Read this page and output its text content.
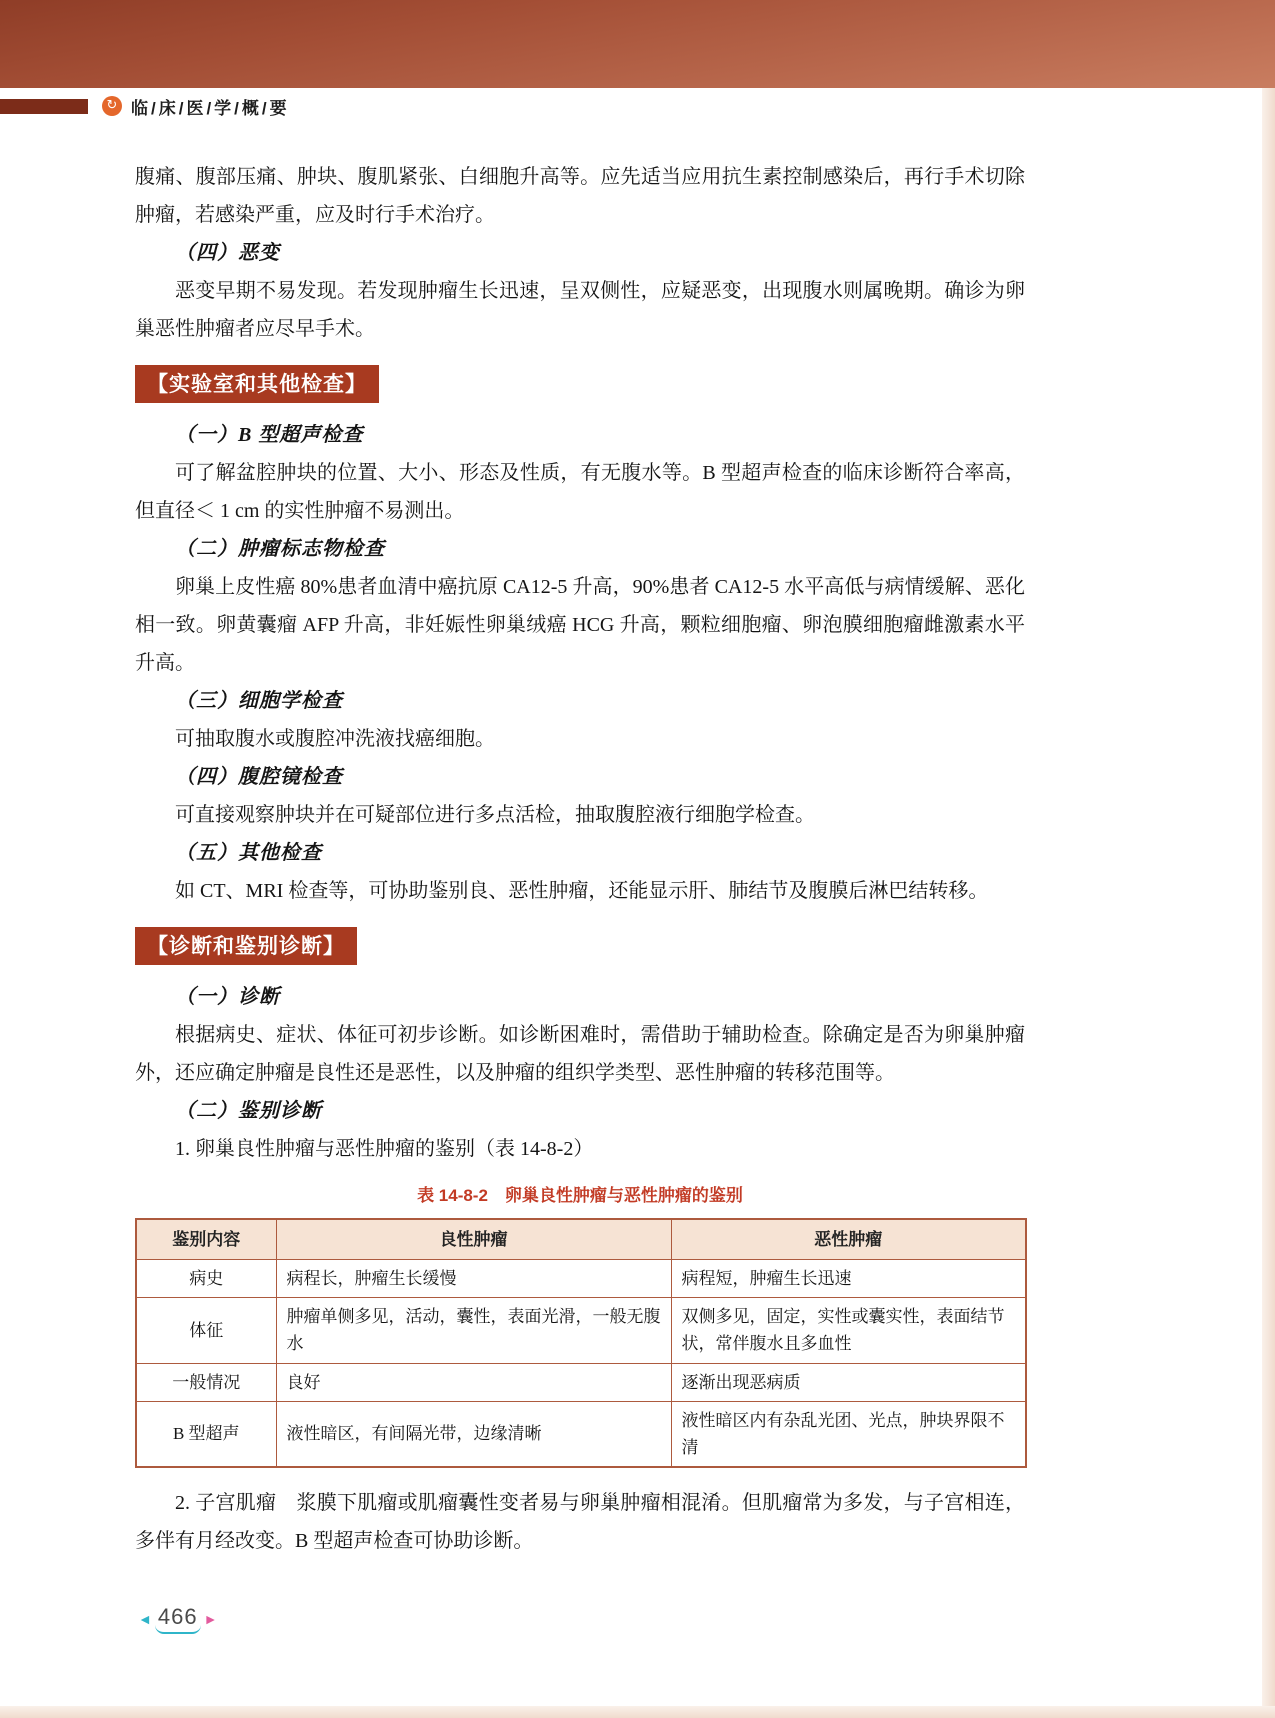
↻ 临/床/医/学/概/要

腹痛、腹部压痛、肿块、腹肌紧张、白细胞升高等。应先适当应用抗生素控制感染后，再行手术切除肿瘤，若感染严重，应及时行手术治疗。

（四）恶变

恶变早期不易发现。若发现肿瘤生长迅速，呈双侧性，应疑恶变，出现腹水则属晚期。确诊为卵巢恶性肿瘤者应尽早手术。

【实验室和其他检查】
（一）B 型超声检查

可了解盆腔肿块的位置、大小、形态及性质，有无腹水等。B 型超声检查的临床诊断符合率高，但直径＜ 1 cm 的实性肿瘤不易测出。

（二）肿瘤标志物检查

卵巢上皮性癌 80%患者血清中癌抗原 CA12-5 升高，90%患者 CA12-5 水平高低与病情缓解、恶化相一致。卵黄囊瘤 AFP 升高，非妊娠性卵巢绒癌 HCG 升高，颗粒细胞瘤、卵泡膜细胞瘤雌激素水平升高。

（三）细胞学检查

可抽取腹水或腹腔冲洗液找癌细胞。

（四）腹腔镜检查

可直接观察肿块并在可疑部位进行多点活检，抽取腹腔液行细胞学检查。

（五）其他检查

如 CT、MRI 检查等，可协助鉴别良、恶性肿瘤，还能显示肝、肺结节及腹膜后淋巴结转移。

【诊断和鉴别诊断】
（一）诊断

根据病史、症状、体征可初步诊断。如诊断困难时，需借助于辅助检查。除确定是否为卵巢肿瘤外，还应确定肿瘤是良性还是恶性，以及肿瘤的组织学类型、恶性肿瘤的转移范围等。

（二）鉴别诊断

1. 卵巢良性肿瘤与恶性肿瘤的鉴别（表 14-8-2）

表 14-8-2　卵巢良性肿瘤与恶性肿瘤的鉴别
鉴别内容	良性肿瘤	恶性肿瘤
病史	病程长，肿瘤生长缓慢	病程短，肿瘤生长迅速
体征	肿瘤单侧多见，活动，囊性，表面光滑，一般无腹水	双侧多见，固定，实性或囊实性，表面结节状，常伴腹水且多血性
一般情况	良好	逐渐出现恶病质
B 型超声	液性暗区，有间隔光带，边缘清晰	液性暗区内有杂乱光团、光点，肿块界限不清

2. 子宫肌瘤　浆膜下肌瘤或肌瘤囊性变者易与卵巢肿瘤相混淆。但肌瘤常为多发，与子宫相连，多伴有月经改变。B 型超声检查可协助诊断。

◄ 466 ►
